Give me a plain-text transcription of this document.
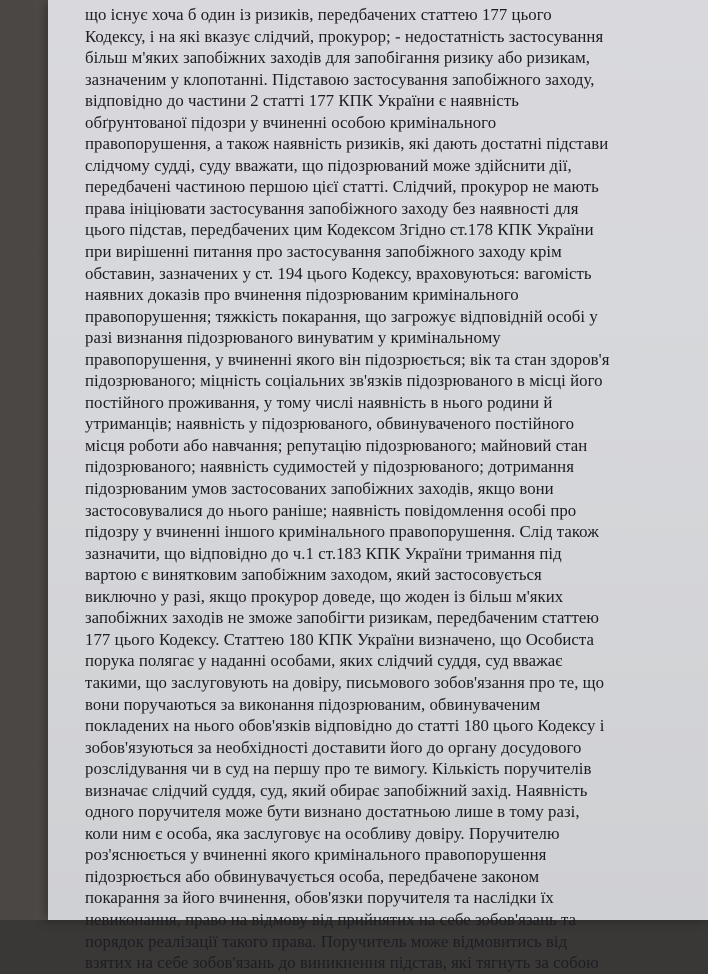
що існує хоча б один із ризиків, передбачених статтею 177 цього
Кодексу, і на які вказує слідчий, прокурор; - недостатність застосування
більш м'яких запобіжних заходів для запобігання ризику або ризикам,
зазначеним у клопотанні. Підставою застосування запобіжного заходу,
відповідно до частини 2 статті 177 КПК України є наявність
обґрунтованої підозри у вчиненні особою кримінального
правопорушення, а також наявність ризиків, які дають достатні підстави
слідчому судді, суду вважати, що підозрюваний може здійснити дії,
передбачені частиною першою цієї статті. Слідчий, прокурор не мають
права ініціювати застосування запобіжного заходу без наявності для
цього підстав, передбачених цим Кодексом Згідно ст.178 КПК України
при вирішенні питання про застосування запобіжного заходу крім
обставин, зазначених у ст. 194 цього Кодексу, враховуються: вагомість
наявних доказів про вчинення підозрюваним кримінального
правопорушення; тяжкість покарання, що загрожує відповідній особі у
разі визнання підозрюваного винуватим у кримінальному
правопорушення, у вчиненні якого він підозрюється; вік та стан здоров'я
підозрюваного; міцність соціальних зв'язків підозрюваного в місці його
постійного проживання, у тому числі наявність в нього родини й
утриманців; наявність у підозрюваного, обвинуваченого постійного
місця роботи або навчання; репутацію підозрюваного; майновий стан
підозрюваного; наявність судимостей у підозрюваного; дотримання
підозрюваним умов застосованих запобіжних заходів, якщо вони
застосовувалися до нього раніше; наявність повідомлення особі про
підозру у вчиненні іншого кримінального правопорушення. Слід також
зазначити, що відповідно до ч.1 ст.183 КПК України тримання під
вартою є винятковим запобіжним заходом, який застосовується
виключно у разі, якщо прокурор доведе, що жоден із більш м'яких
запобіжних заходів не зможе запобігти ризикам, передбаченим статтею
177 цього Кодексу. Статтею 180 КПК України визначено, що Особиста
порука полягає у наданні особами, яких слідчий суддя, суд вважає
такими, що заслуговують на довіру, письмового зобов'язання про те, що
вони поручаються за виконання підозрюваним, обвинуваченим
покладених на нього обов'язків відповідно до статті 180 цього Кодексу і
зобов'язуються за необхідності доставити його до органу досудового
розслідування чи в суд на першу про те вимогу. Кількість поручителів
визначає слідчий суддя, суд, який обирає запобіжний захід. Наявність
одного поручителя може бути визнано достатньою лише в тому разі,
коли ним є особа, яка заслуговує на особливу довіру. Поручителю
роз'яснюється у вчиненні якого кримінального правопорушення
підозрюється або обвинувачується особа, передбачене законом
покарання за його вчинення, обов'язки поручителя та наслідки їх
невиконання, право на відмову від прийнятих на себе зобов'язань та
порядок реалізації такого права. Поручитель може відмовитись від
взятих на себе зобов'язань до виникнення підстав, які тягнуть за собою
